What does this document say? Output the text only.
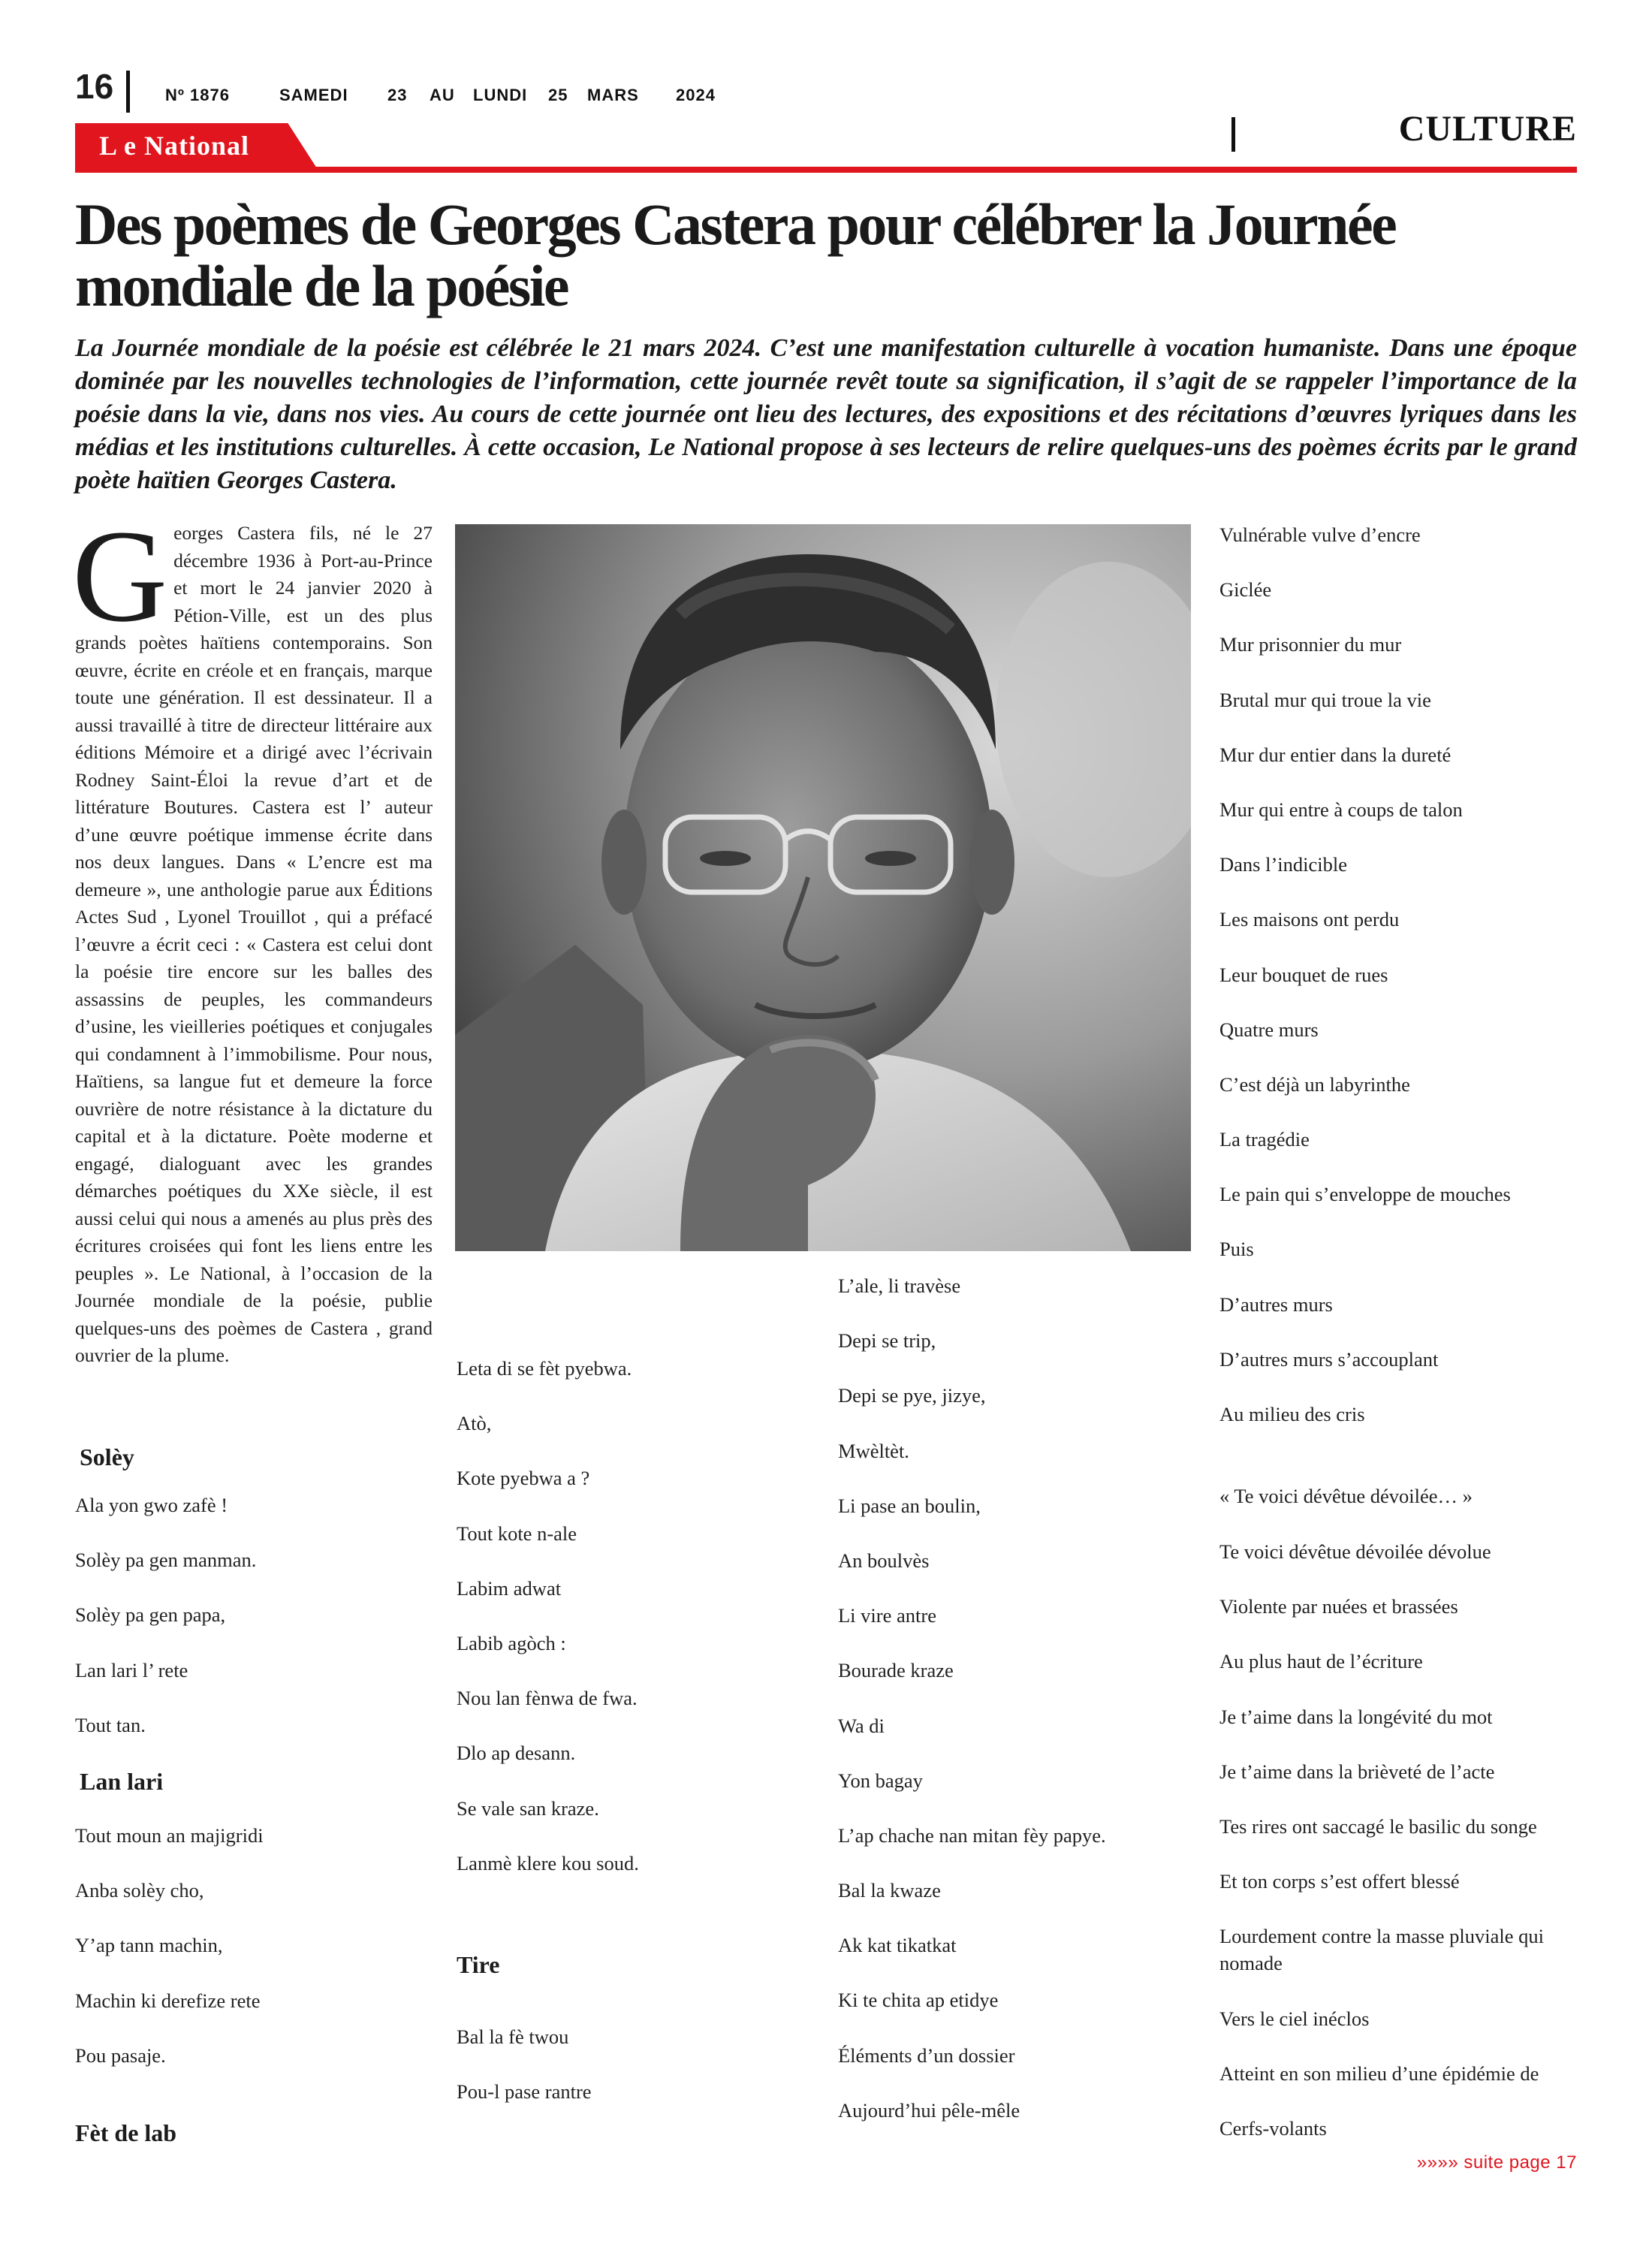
16	Nº 1876	SAMEDI 23 AU LUNDI 25 MARS 2024
L e National	CULTURE
Des poèmes de Georges Castera pour célébrer la Journée mondiale de la poésie

La Journée mondiale de la poésie est célébrée le 21 mars 2024. C’est une manifestation culturelle à vocation humaniste. Dans une époque dominée par les nouvelles technologies de l’information, cette journée revêt toute sa signification, il s’agit de se rappeler l’importance de la poésie dans la vie, dans nos vies. Au cours de cette journée ont lieu des lectures, des expositions et des récitations d’œuvres lyriques dans les médias et les institutions culturelles. À cette occasion, Le National propose à ses lecteurs de relire quelques-uns des poèmes écrits par le grand poète haïtien Georges Castera.

Georges Castera fils, né le 27 décembre 1936 à Port-au-Prince et mort le 24 janvier 2020 à Pétion-Ville, est un des plus grands poètes haïtiens contemporains. Son œuvre, écrite en créole et en français, marque toute une génération. Il est dessinateur. Il a aussi travaillé à titre de directeur littéraire aux éditions Mémoire et a dirigé avec l’écrivain Rodney Saint-Éloi la revue d’art et de littérature Boutures. Castera est l’ auteur d’une œuvre poétique immense écrite dans nos deux langues. Dans « L’encre est ma demeure », une anthologie parue aux Éditions Actes Sud , Lyonel Trouillot , qui a préfacé l’œuvre a écrit ceci : « Castera est celui dont la poésie tire encore sur les balles des assassins de peuples, les commandeurs d’usine, les vieilleries poétiques et conjugales qui condamnent à l’immobilisme. Pour nous, Haïtiens, sa langue fut et demeure la force ouvrière de notre résistance à la dictature du capital et à la dictature. Poète moderne et engagé, dialoguant avec les grandes démarches poétiques du XXe siècle, il est aussi celui qui nous a amenés au plus près des écritures croisées qui font les liens entre les peuples ». Le National, à l’occasion de la Journée mondiale de la poésie, publie quelques-uns des poèmes de Castera , grand ouvrier de la plume.
Solèy
Ala yon gwo zafè !
Solèy pa gen manman.
Solèy pa gen papa,
Lan lari l’ rete
Tout tan.
Lan lari
Tout moun an majigridi
Anba solèy cho,
Y’ap tann machin,
Machin ki derefize rete
Pou pasaje.
Fèt de lab
Leta di se fèt pyebwa.
Atò,
Kote pyebwa a ?
Tout kote n-ale
Labim adwat
Labib agòch :
Nou lan fènwa de fwa.
Dlo ap desann.
Se vale san kraze.
Lanmè klere kou soud.
Tire
Bal la fè twou
Pou-l pase rantre
L’ale, li travèse
Depi se trip,
Depi se pye, jizye,
Mwèltèt.
Li pase an boulin,
An boulvès
Li vire antre
Bourade kraze
Wa di
Yon bagay
L’ap chache nan mitan fèy papye.
Bal la kwaze
Ak kat tikatkat
Ki te chita ap etidye
Éléments d’un dossier
Aujourd’hui pêle-mêle
Vulnérable vulve d’encre
Giclée
Mur prisonnier du mur
Brutal mur qui troue la vie
Mur dur entier dans la dureté
Mur qui entre à coups de talon
Dans l’indicible
Les maisons ont perdu
Leur bouquet de rues
Quatre murs
C’est déjà un labyrinthe
La tragédie
Le pain qui s’enveloppe de mouches
Puis
D’autres murs
D’autres murs s’accouplant
Au milieu des cris
« Te voici dévêtue dévoilée… »
Te voici dévêtue dévoilée dévolue
Violente par nuées et brassées
Au plus haut de l’écriture
Je t’aime dans la longévité du mot
Je t’aime dans la brièveté de l’acte
Tes rires ont saccagé le basilic du songe
Et ton corps s’est offert blessé
Lourdement contre la masse pluviale qui nomade
Vers le ciel inéclos
Atteint en son milieu d’une épidémie de
Cerfs-volants
»»»» suite page 17
